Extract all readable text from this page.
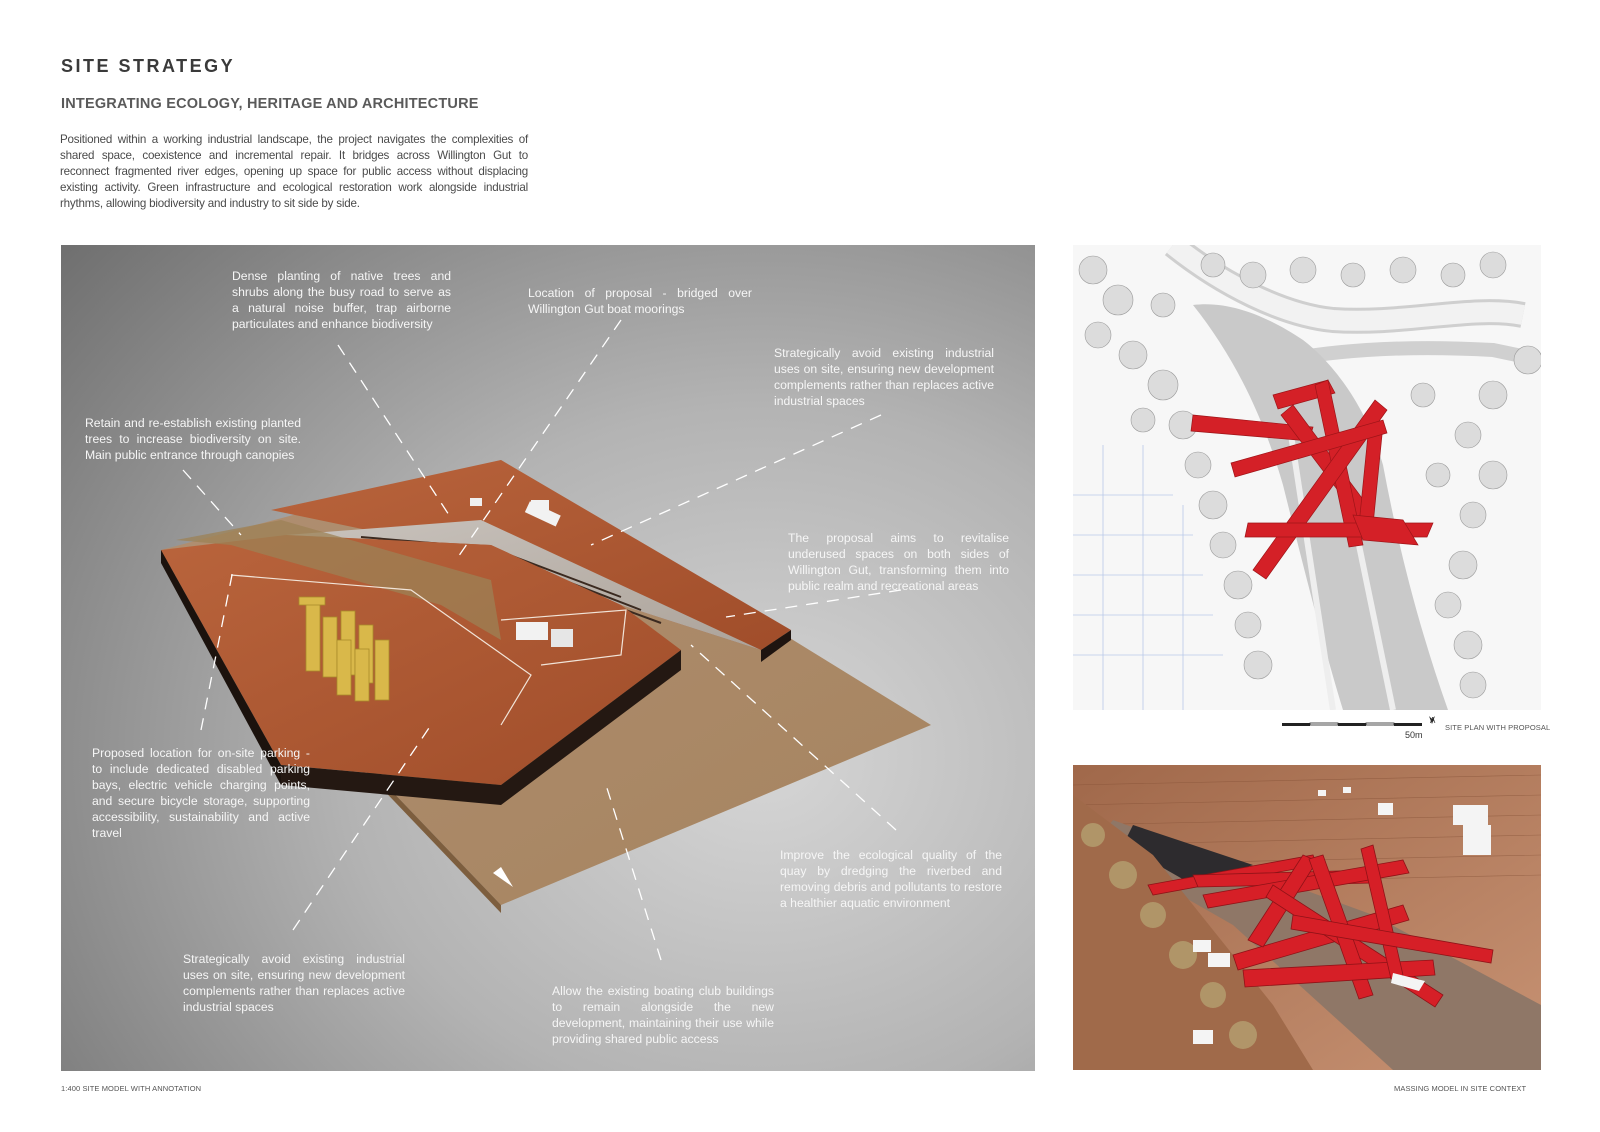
SITE STRATEGY
INTEGRATING ECOLOGY, HERITAGE AND ARCHITECTURE

Positioned within a working industrial landscape, the project navigates the complexities of shared space, coexistence and incremental repair. It bridges across Willington Gut to reconnect fragmented river edges, opening up space for public access without displacing existing activity. Green infrastructure and ecological restoration work alongside industrial rhythms, allowing biodiversity and industry to sit side by side.

Dense planting of native trees and shrubs along the busy road to serve as a natural noise buffer, trap airborne particulates and enhance biodiversity

Location of proposal - bridged over Willington Gut boat moorings

Strategically avoid existing industrial uses on site, ensuring new development complements rather than replaces active industrial spaces

Retain and re-establish existing planted trees to increase biodiversity on site. Main public entrance through canopies

The proposal aims to revitalise underused spaces on both sides of Willington Gut, transforming them into public realm and recreational areas

Proposed location for on-site parking - to include dedicated disabled parking bays, electric vehicle charging points, and secure bicycle storage, supporting accessibility, sustainability and active travel

Improve the ecological quality of the quay by dredging the riverbed and removing debris and pollutants to restore a healthier aquatic environment

Strategically avoid existing industrial uses on site, ensuring new development complements rather than replaces active industrial spaces

Allow the existing boating club buildings to remain alongside the new development, maintaining their use while providing shared public access

50m
A
SITE PLAN WITH PROPOSAL
1:400 SITE MODEL WITH ANNOTATION	MASSING MODEL IN SITE CONTEXT
